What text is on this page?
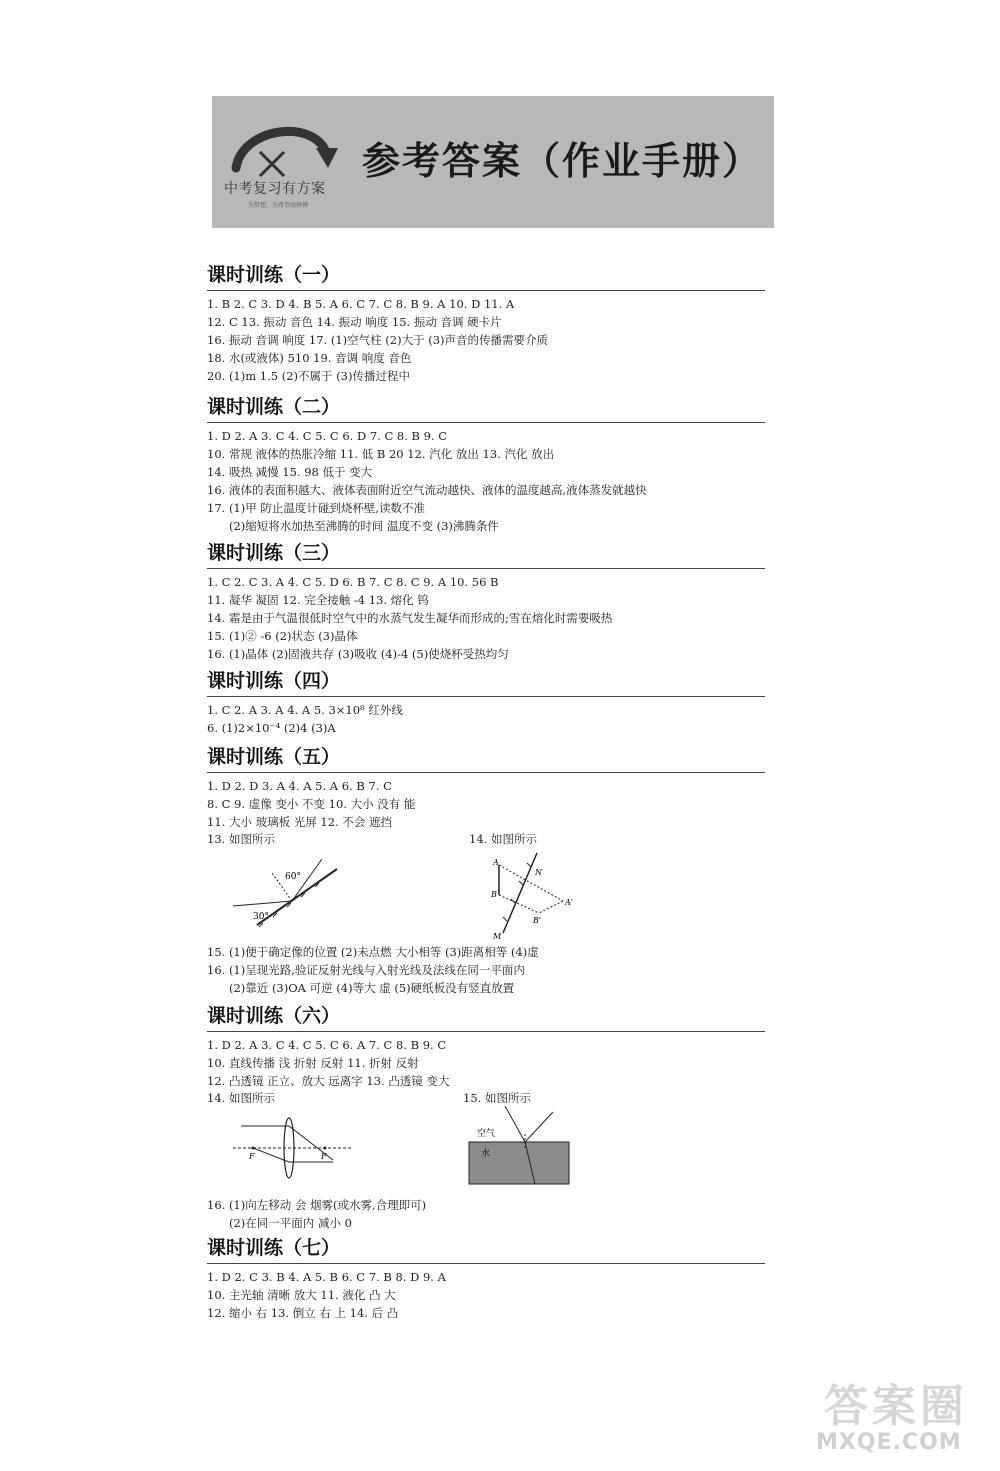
中考复习有方案
为梦想、为希望而拼搏
参考答案（作业手册）
课时训练（一）
1. B 2. C 3. D 4. B 5. A 6. C 7. C 8. B 9. A 10. D 11. A
12. C 13. 振动 音色 14. 振动 响度 15. 振动 音调 硬卡片
16. 振动 音调 响度 17. (1)空气柱 (2)大于 (3)声音的传播需要介质
18. 水(或液体) 510 19. 音调 响度 音色
20. (1)m 1.5 (2)不属于 (3)传播过程中
课时训练（二）
1. D 2. A 3. C 4. C 5. C 6. D 7. C 8. B 9. C
10. 常规 液体的热胀冷缩 11. 低 B 20 12. 汽化 放出 13. 汽化 放出
14. 吸热 减慢 15. 98 低于 变大
16. 液体的表面积越大、液体表面附近空气流动越快、液体的温度越高,液体蒸发就越快
17. (1)甲 防止温度计碰到烧杯壁,读数不准
(2)缩短将水加热至沸腾的时间 温度不变 (3)沸腾条件
课时训练（三）
1. C 2. C 3. A 4. C 5. D 6. B 7. C 8. C 9. A 10. 56 B
11. 凝华 凝固 12. 完全接触 -4 13. 熔化 钨
14. 霜是由于气温很低时空气中的水蒸气发生凝华而形成的;雪在熔化时需要吸热
15. (1)② -6 (2)状态 (3)晶体
16. (1)晶体 (2)固液共存 (3)吸收 (4)-4 (5)使烧杯受热均匀
课时训练（四）
1. C 2. A 3. A 4. A 5. 3×10⁸ 红外线
6. (1)2×10⁻⁴ (2)4 (3)A
课时训练（五）
1. D 2. D 3. A 4. A 5. A 6. B 7. C
8. C 9. 虚像 变小 不变 10. 大小 没有 能
11. 大小 玻璃板 光屏 12. 不会 遮挡
13. 如图所示	14. 如图所示
60°
30°
A
N
B
A'
B'
M
15. (1)便于确定像的位置 (2)未点燃 大小相等 (3)距离相等 (4)虚
16. (1)呈现光路,验证反射光线与入射光线及法线在同一平面内
(2)靠近 (3)OA 可逆 (4)等大 虚 (5)硬纸板没有竖直放置
课时训练（六）
1. D 2. A 3. C 4. C 5. C 6. A 7. C 8. B 9. C
10. 直线传播 浅 折射 反射 11. 折射 反射
12. 凸透镜 正立、放大 远离字 13. 凸透镜 变大
14. 如图所示	15. 如图所示
F	F
空气
水
16. (1)向左移动 会 烟雾(或水雾,合理即可)
(2)在同一平面内 减小 0
课时训练（七）
1. D 2. C 3. B 4. A 5. B 6. C 7. B 8. D 9. A
10. 主光轴 清晰 放大 11. 液化 凸 大
12. 缩小 右 13. 倒立 右 上 14. 后 凸
答案圈
MXQE.COM
